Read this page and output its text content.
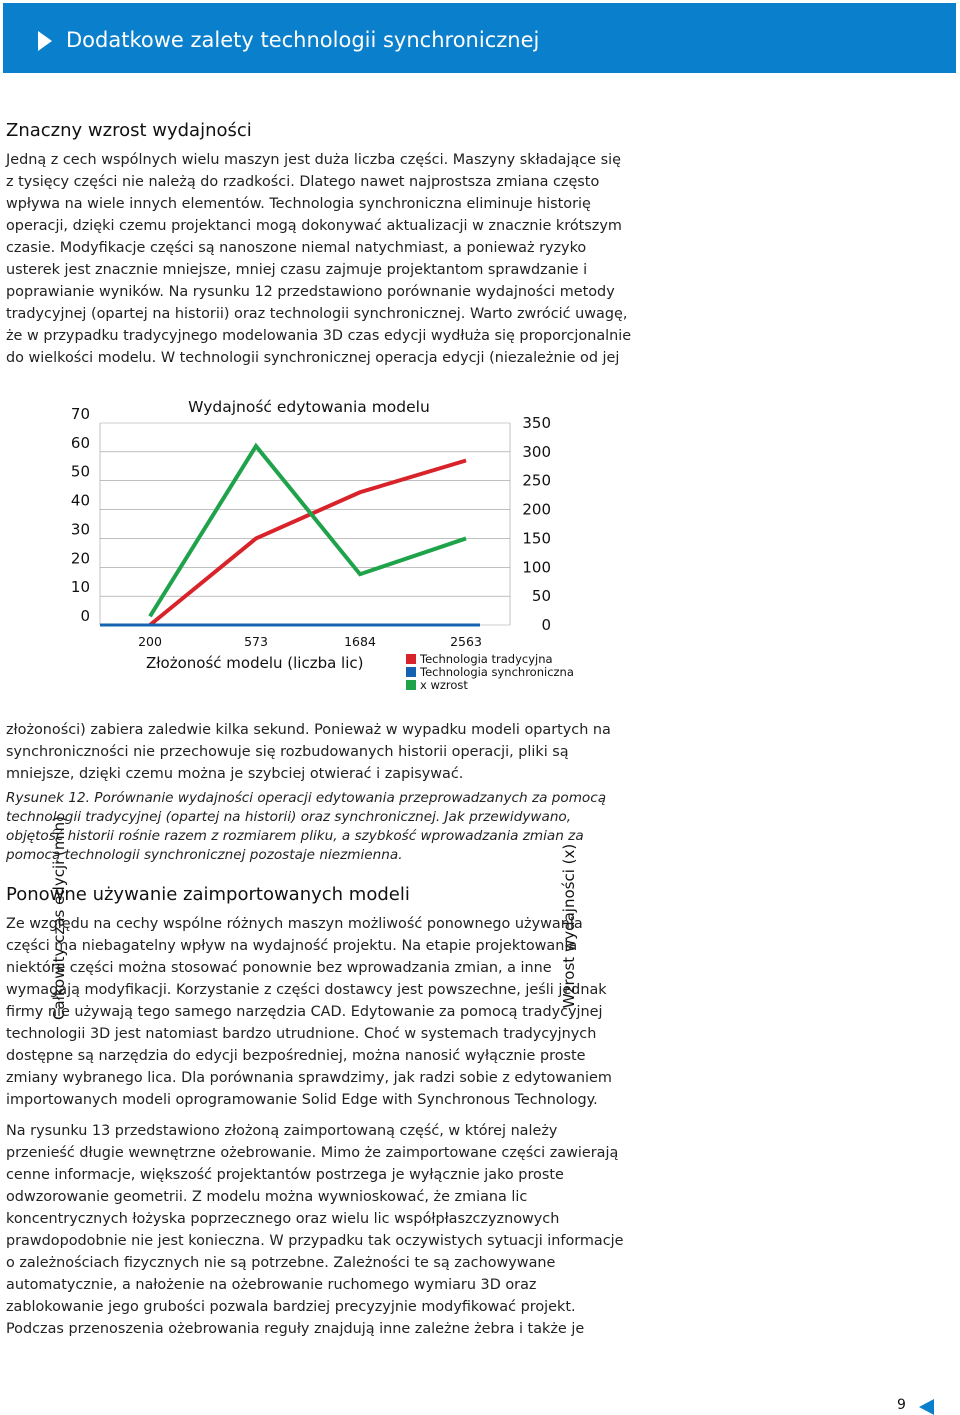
Dodatkowe zalety technologii synchronicznej
Znaczny wzrost wydajności

Jedną z cech wspólnych wielu maszyn jest duża liczba części. Maszyny składające się
z tysięcy części nie należą do rzadkości. Dlatego nawet najprostsza zmiana często
wpływa na wiele innych elementów. Technologia synchroniczna eliminuje historię
operacji, dzięki czemu projektanci mogą dokonywać aktualizacji w znacznie krótszym
czasie. Modyfikacje części są nanoszone niemal natychmiast, a ponieważ ryzyko
usterek jest znacznie mniejsze, mniej czasu zajmuje projektantom sprawdzanie i
poprawianie wyników. Na rysunku 12 przedstawiono porównanie wydajności metody
tradycyjnej (opartej na historii) oraz technologii synchronicznej. Warto zwrócić uwagę,
że w przypadku tradycyjnego modelowania 3D czas edycji wydłuża się proporcjonalnie
do wielkości modelu. W technologii synchronicznej operacja edycji (niezależnie od jej

Wydajność edytowania modelu
0
10
20
30
40
50
60
70
0
50
100
150
200
250
300
350
200	573	1684	2563
Całkowity czas edycji (min)	Wzrost wydajności (x)
Złożoność modelu (liczba lic)	Technologia tradycyjna
Technologia synchroniczna
x wzrost

złożoności) zabiera zaledwie kilka sekund. Ponieważ w wypadku modeli opartych na
synchroniczności nie przechowuje się rozbudowanych historii operacji, pliki są
mniejsze, dzięki czemu można je szybciej otwierać i zapisywać.

Rysunek 12. Porównanie wydajności operacji edytowania przeprowadzanych za pomocą
technologii tradycyjnej (opartej na historii) oraz synchronicznej. Jak przewidywano,
objętość historii rośnie razem z rozmiarem pliku, a szybkość wprowadzania zmian za
pomocą technologii synchronicznej pozostaje niezmienna.

Ponowne używanie zaimportowanych modeli

Ze względu na cechy wspólne różnych maszyn możliwość ponownego używania
części ma niebagatelny wpływ na wydajność projektu. Na etapie projektowania
niektóre części można stosować ponownie bez wprowadzania zmian, a inne
wymagają modyfikacji. Korzystanie z części dostawcy jest powszechne, jeśli jednak
firmy nie używają tego samego narzędzia CAD. Edytowanie za pomocą tradycyjnej
technologii 3D jest natomiast bardzo utrudnione. Choć w systemach tradycyjnych
dostępne są narzędzia do edycji bezpośredniej, można nanosić wyłącznie proste
zmiany wybranego lica. Dla porównania sprawdzimy, jak radzi sobie z edytowaniem
importowanych modeli oprogramowanie Solid Edge with Synchronous Technology.

Na rysunku 13 przedstawiono złożoną zaimportowaną część, w której należy
przenieść długie wewnętrzne ożebrowanie. Mimo że zaimportowane części zawierają
cenne informacje, większość projektantów postrzega je wyłącznie jako proste
odwzorowanie geometrii. Z modelu można wywnioskować, że zmiana lic
koncentrycznych łożyska poprzecznego oraz wielu lic współpłaszczyznowych
prawdopodobnie nie jest konieczna. W przypadku tak oczywistych sytuacji informacje
o zależnościach fizycznych nie są potrzebne. Zależności te są zachowywane
automatycznie, a nałożenie na ożebrowanie ruchomego wymiaru 3D oraz
zablokowanie jego grubości pozwala bardziej precyzyjnie modyfikować projekt.
Podczas przenoszenia ożebrowania reguły znajdują inne zależne żebra i także je

9
